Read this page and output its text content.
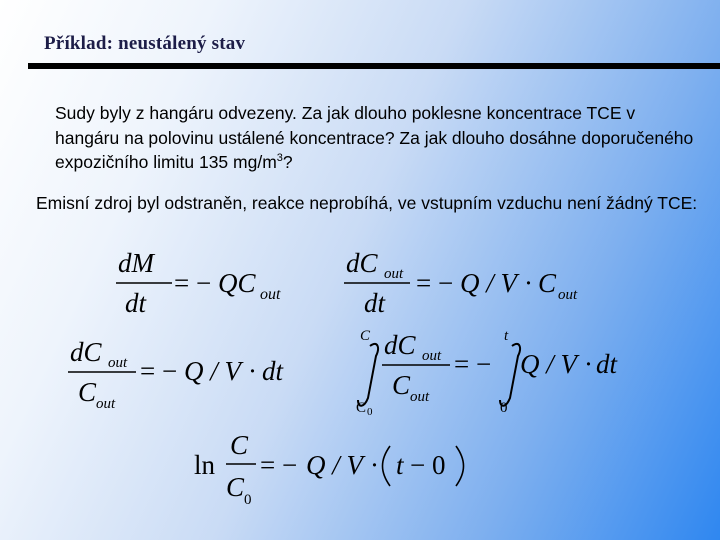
Příklad: neustálený stav
Sudy byly z hangáru odvezeny. Za jak dlouho poklesne koncentrace TCE v hangáru na polovinu ustálené koncentrace? Za jak dlouho dosáhne doporučeného expozičního limitu 135 $mg/m^3$?
Emisní zdroj byl odstraněn, reakce neprobíhá, ve vstupním vzduchu není žádný TCE:
dM
dt
= − QC out
dC out
dt
= − Q / V · C out
dC out
C out
= − Q / V · dt
C
C 0
dC out
C out
= −
t
0
Q / V · dt
ln
C
C 0
= − Q / V · t − 0
